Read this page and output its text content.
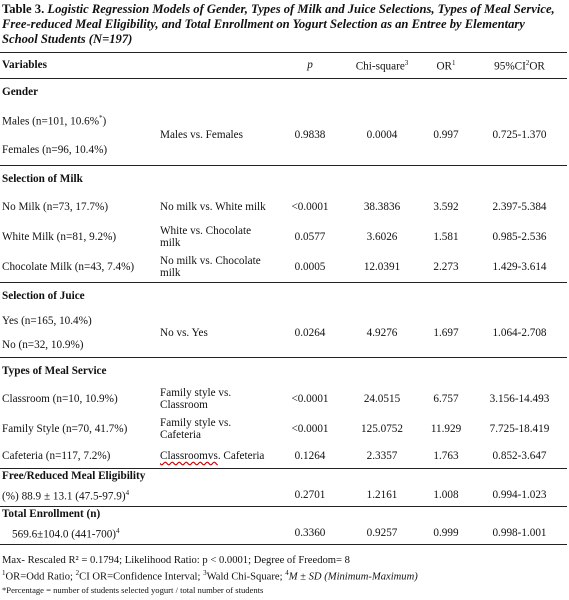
Table 3. Logistic Regression Models of Gender, Types of Milk and Juice Selections, Types of Meal Service, Free-reduced Meal Eligibility, and Total Enrollment on Yogurt Selection as an Entree by Elementary School Students (N=197)
Variables		p	Chi-square$^3$	$OR^1$	$95\%CI^2OR$
Gender					
Males (n=101, 10.6%*)	Males vs. Females	0.9838	0.0004	0.997	0.725-1.370
Females (n=96, 10.4%)					
Selection of Milk					
No Milk (n=73, 17.7%)	No milk vs. White milk	<0.0001	38.3836	3.592	2.397-5.384
White Milk (n=81, 9.2%)	White vs. Chocolate milk	0.0577	3.6026	1.581	0.985-2.536
Chocolate Milk (n=43, 7.4%)	No milk vs. Chocolate milk	0.0005	12.0391	2.273	1.429-3.614
Selection of Juice					
Yes (n=165, 10.4%)	No vs. Yes	0.0264	4.9276	1.697	1.064-2.708
No (n=32, 10.9%)					
Types of Meal Service					
Classroom (n=10, 10.9%)	Family style vs. Classroom	<0.0001	24.0515	6.757	3.156-14.493
Family Style (n=70, 41.7%)	Family style vs. Cafeteria	<0.0001	125.0752	11.929	7.725-18.419
Cafeteria (n=117, 7.2%)	Classroomvs. Cafeteria	0.1264	2.3357	1.763	0.852-3.647
Free/Reduced Meal Eligibility					
(%) 88.9 ± 13.1 $(47.5-97.9)^4$		0.2701	1.2161	1.008	0.994-1.023
Total Enrollment (n)					
569.6±104.0 $(441-700)^4$		0.3360	0.9257	0.999	0.998-1.001
Max- Rescaled R² = 0.1794; Likelihood Ratio: p < 0.0001; Degree of Freedom= 8
$^1$OR=Odd Ratio; $^2$CI OR=Confidence Interval; $^3$Wald Chi-Square; $^4$M ± SD (Minimum-Maximum)
*Percentage = number of students selected yogurt / total number of students
